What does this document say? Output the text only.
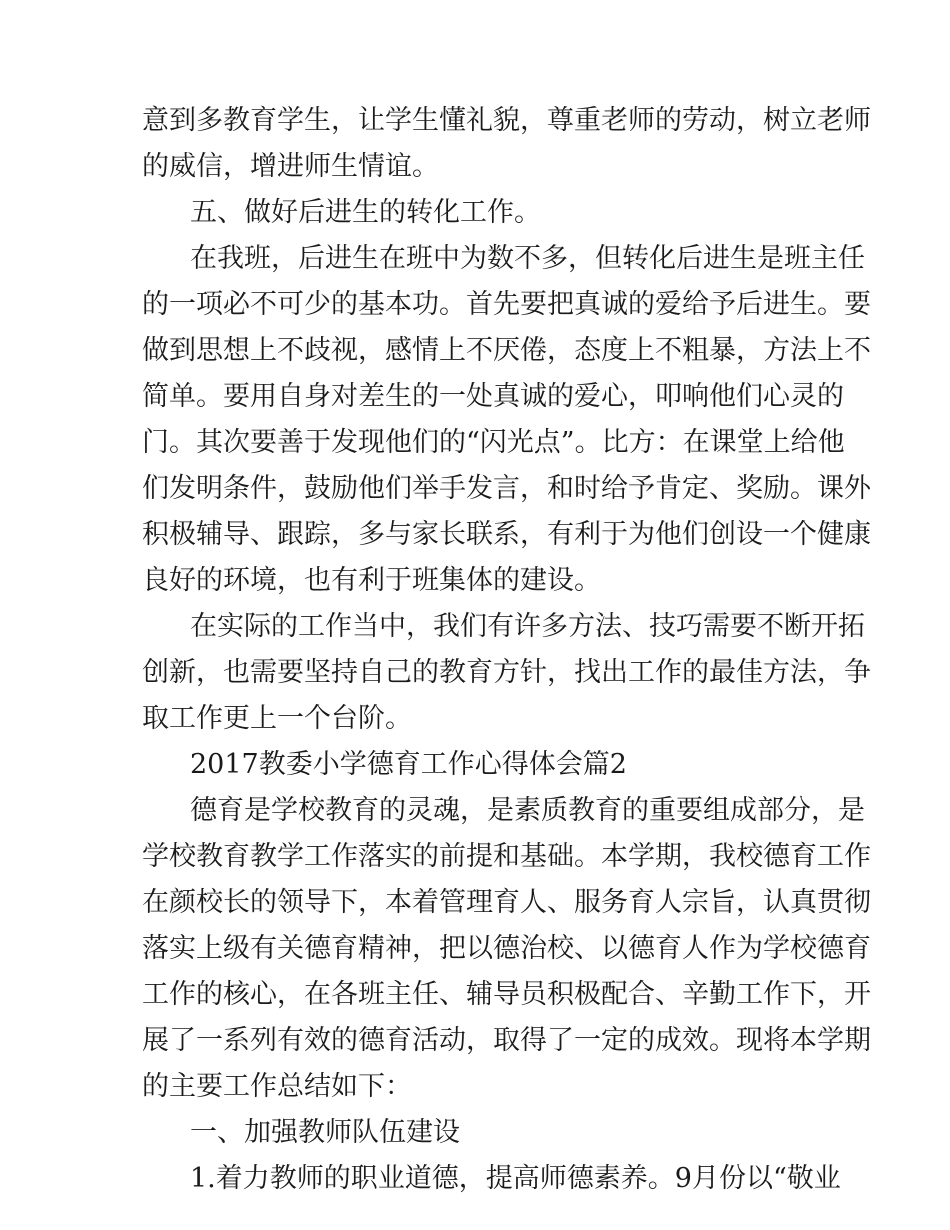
意到多教育学生，让学生懂礼貌，尊重老师的劳动，树立老师
的威信，增进师生情谊。
五、做好后进生的转化工作。
在我班，后进生在班中为数不多，但转化后进生是班主任
的一项必不可少的基本功。首先要把真诚的爱给予后进生。要
做到思想上不歧视，感情上不厌倦，态度上不粗暴，方法上不
简单。要用自身对差生的一处真诚的爱心，叩响他们心灵的
门。其次要善于发现他们的“闪光点”。比方：在课堂上给他
们发明条件，鼓励他们举手发言，和时给予肯定、奖励。课外
积极辅导、跟踪，多与家长联系，有利于为他们创设一个健康
良好的环境，也有利于班集体的建设。
在实际的工作当中，我们有许多方法、技巧需要不断开拓
创新，也需要坚持自己的教育方针，找出工作的最佳方法，争
取工作更上一个台阶。
2017教委小学德育工作心得体会篇2
德育是学校教育的灵魂，是素质教育的重要组成部分，是
学校教育教学工作落实的前提和基础。本学期，我校德育工作
在颜校长的领导下，本着管理育人、服务育人宗旨，认真贯彻
落实上级有关德育精神，把以德治校、以德育人作为学校德育
工作的核心，在各班主任、辅导员积极配合、辛勤工作下，开
展了一系列有效的德育活动，取得了一定的成效。现将本学期
的主要工作总结如下：
一、加强教师队伍建设
1.着力教师的职业道德，提高师德素养。9月份以“敬业
